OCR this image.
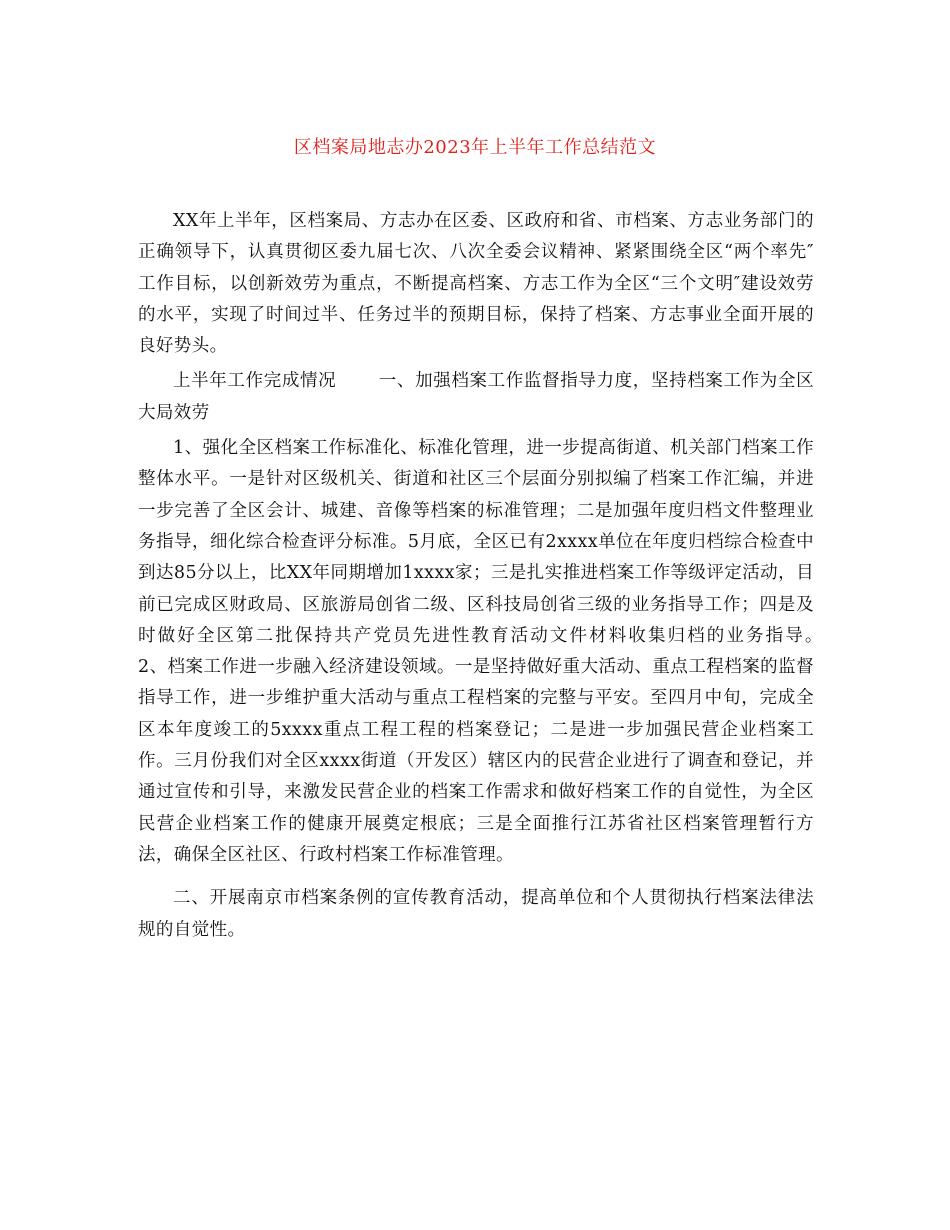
区档案局地志办2023年上半年工作总结范文

XX年上半年，区档案局、方志办在区委、区政府和省、市档案、方志业务部门的正确领导下，认真贯彻区委九届七次、八次全委会议精神、紧紧围绕全区“两个率先″工作目标，以创新效劳为重点，不断提高档案、方志工作为全区“三个文明″建设效劳的水平，实现了时间过半、任务过半的预期目标，保持了档案、方志事业全面开展的良好势头。

上半年工作完成情况　　 一、加强档案工作监督指导力度，坚持档案工作为全区大局效劳

1、强化全区档案工作标准化、标准化管理，进一步提高街道、机关部门档案工作整体水平。一是针对区级机关、街道和社区三个层面分别拟编了档案工作汇编，并进一步完善了全区会计、城建、音像等档案的标准管理；二是加强年度归档文件整理业务指导，细化综合检查评分标准。5月底，全区已有2xxxx单位在年度归档综合检查中到达85分以上，比XX年同期增加1xxxx家；三是扎实推进档案工作等级评定活动，目前已完成区财政局、区旅游局创省二级、区科技局创省三级的业务指导工作；四是及时做好全区第二批保持共产党员先进性教育活动文件材料收集归档的业务指导。　　　2、档案工作进一步融入经济建设领域。一是坚持做好重大活动、重点工程档案的监督指导工作，进一步维护重大活动与重点工程档案的完整与平安。至四月中旬，完成全区本年度竣工的5xxxx重点工程工程的档案登记；二是进一步加强民营企业档案工作。三月份我们对全区xxxx街道（开发区）辖区内的民营企业进行了调查和登记，并通过宣传和引导，来激发民营企业的档案工作需求和做好档案工作的自觉性，为全区民营企业档案工作的健康开展奠定根底；三是全面推行江苏省社区档案管理暂行方法，确保全区社区、行政村档案工作标准管理。

二、开展南京市档案条例的宣传教育活动，提高单位和个人贯彻执行档案法律法规的自觉性。
